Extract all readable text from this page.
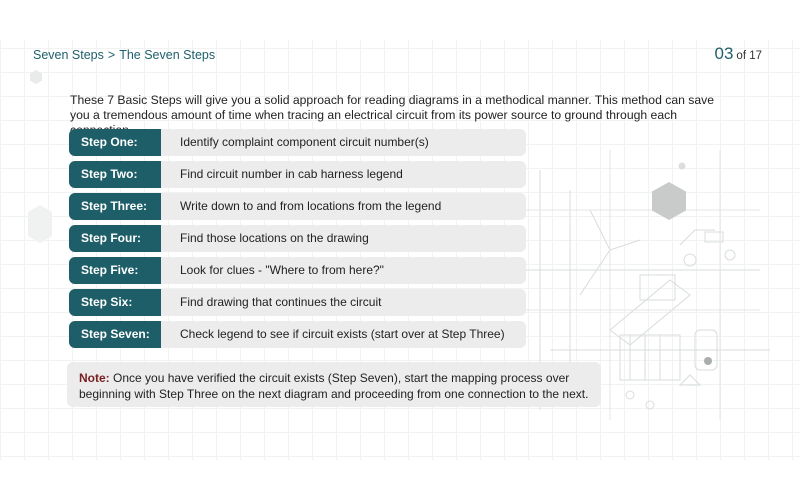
Seven Steps > The Seven Steps	03 of 17
These 7 Basic Steps will give you a solid approach for reading diagrams in a methodical manner. This method can save you a tremendous amount of time when tracing an electrical circuit from its power source to ground through each
Step One:	Identify complaint component circuit number(s)
Step Two:	Find circuit number in cab harness legend
Step Three:	Write down to and from locations from the legend
Step Four:	Find those locations on the drawing
Step Five:	Look for clues - "Where to from here?"
Step Six:	Find drawing that continues the circuit
Step Seven:	Check legend to see if circuit exists (start over at Step Three)
Note: Once you have verified the circuit exists (Step Seven), start the mapping process over beginning with Step Three on the next diagram and proceeding from one connection to the next.
